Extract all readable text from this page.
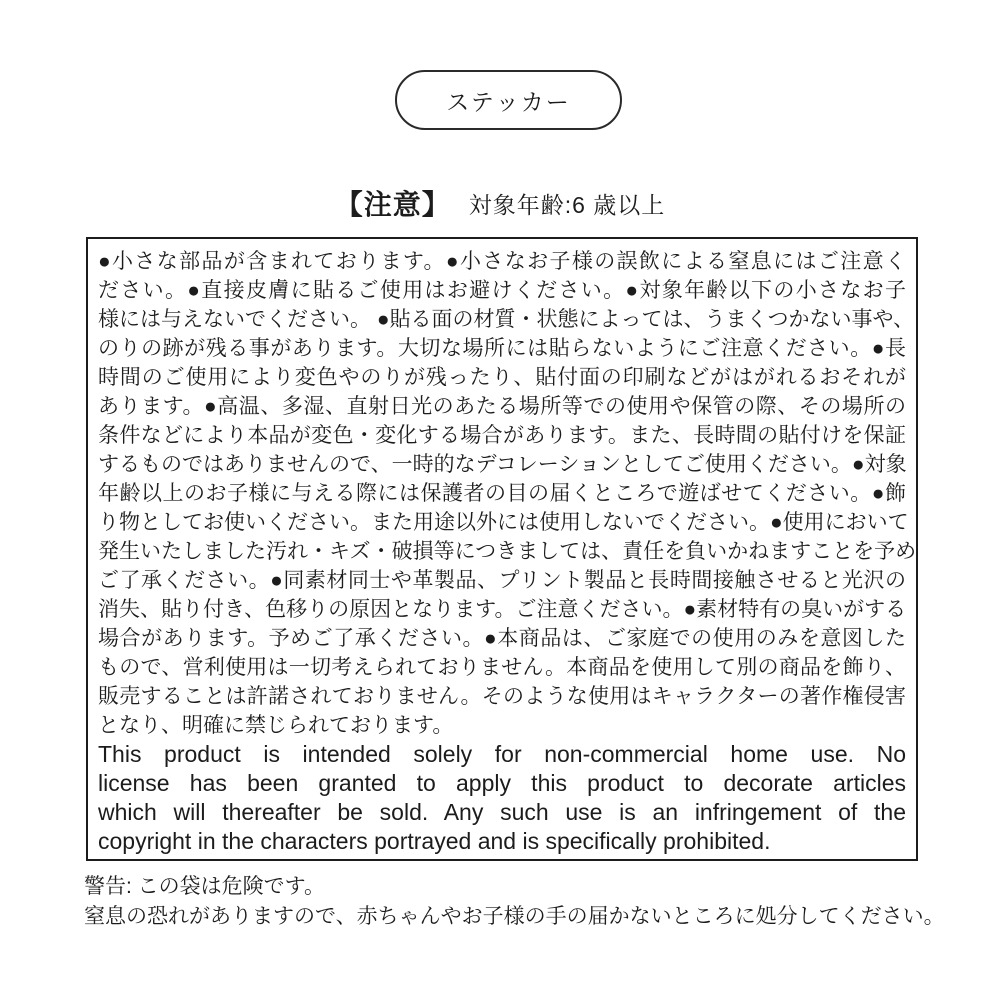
ステッカー
【注意】 対象年齢:6 歳以上
●小さな部品が含まれております。●小さなお子様の誤飲による窒息にはご注意く
ださい。●直接皮膚に貼るご使用はお避けください。●対象年齢以下の小さなお子
様には与えないでください。 ●貼る面の材質・状態によっては、うまくつかない事や、
のりの跡が残る事があります。大切な場所には貼らないようにご注意ください。●長
時間のご使用により変色やのりが残ったり、貼付面の印刷などがはがれるおそれが
あります。●高温、多湿、直射日光のあたる場所等での使用や保管の際、その場所の
条件などにより本品が変色・変化する場合があります。また、長時間の貼付けを保証
するものではありませんので、一時的なデコレーションとしてご使用ください。●対象
年齢以上のお子様に与える際には保護者の目の届くところで遊ばせてください。●飾
り物としてお使いください。また用途以外には使用しないでください。●使用において
発生いたしました汚れ・キズ・破損等につきましては、責任を負いかねますことを予め
ご了承ください。●同素材同士や革製品、プリント製品と長時間接触させると光沢の
消失、貼り付き、色移りの原因となります。ご注意ください。●素材特有の臭いがする
場合があります。予めご了承ください。●本商品は、ご家庭での使用のみを意図した
もので、営利使用は一切考えられておりません。本商品を使用して別の商品を飾り、
販売することは許諾されておりません。そのような使用はキャラクターの著作権侵害
となり、明確に禁じられております。
This product is intended solely for non-commercial home use. No
license has been granted to apply this product to decorate articles
which will thereafter be sold. Any such use is an infringement of the
copyright in the characters portrayed and is specifically prohibited.
警告: この袋は危険です。
窒息の恐れがありますので、赤ちゃんやお子様の手の届かないところに処分してください。
